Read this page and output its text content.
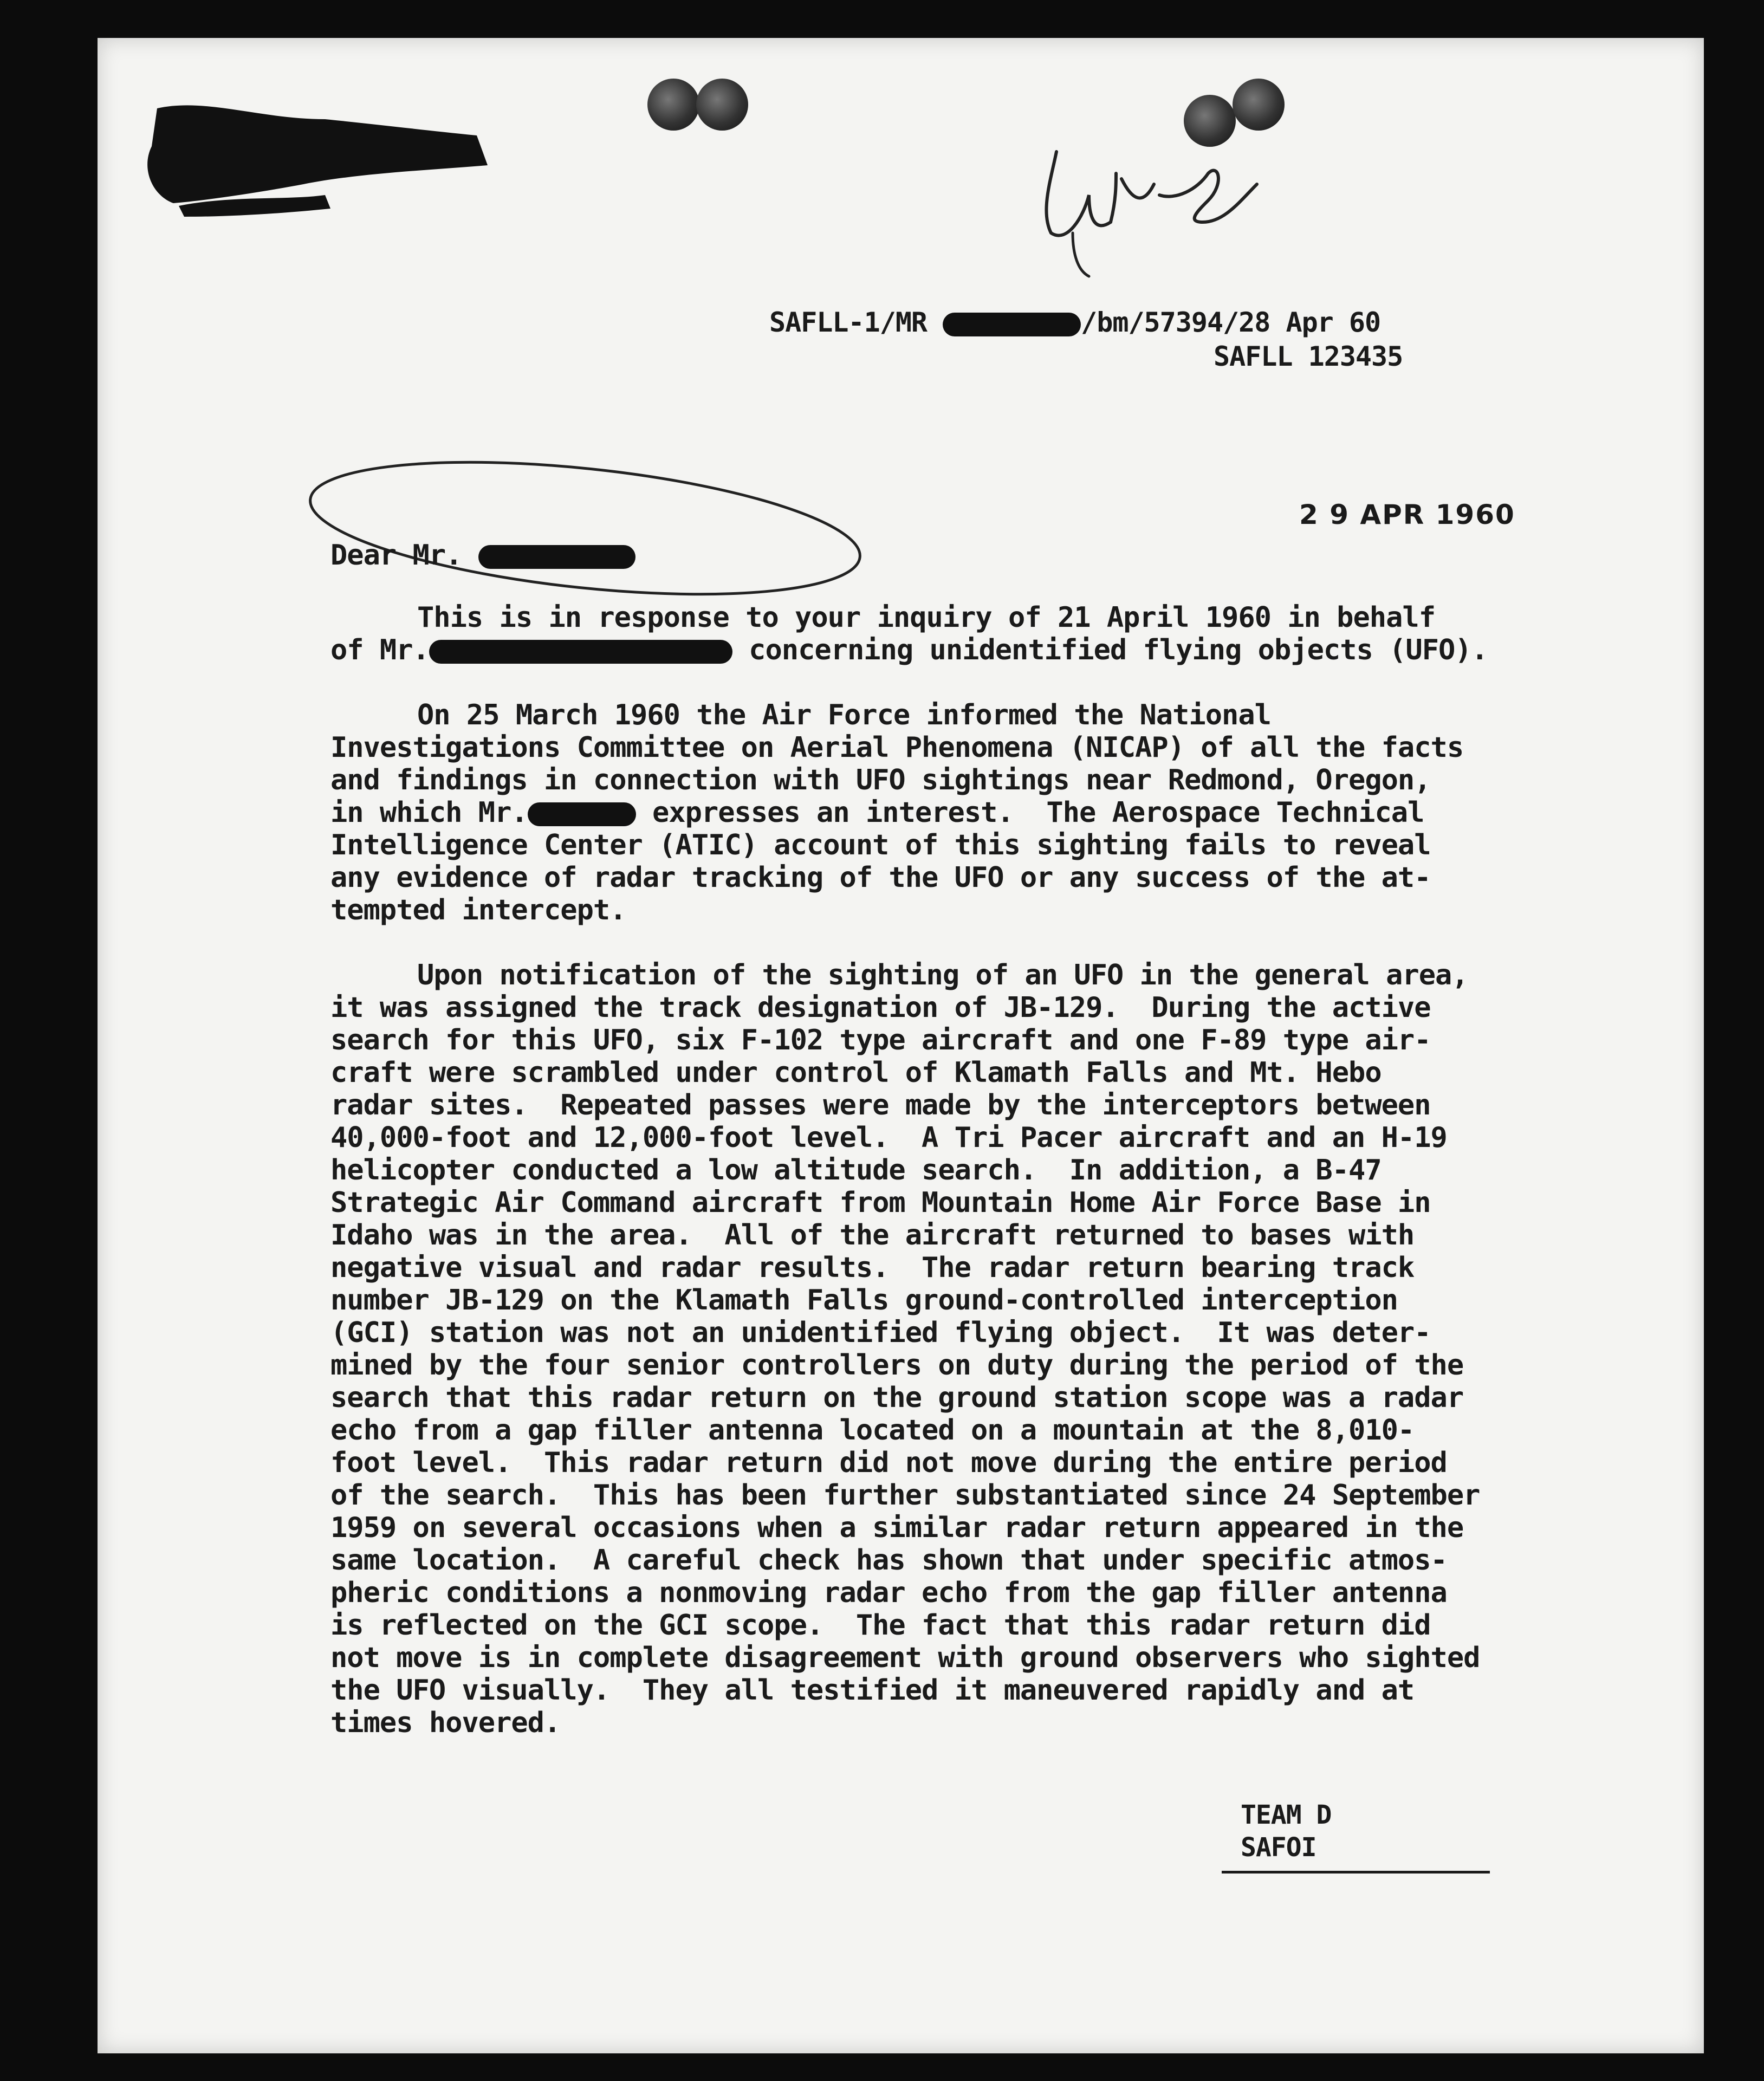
SAFLL-1/MR	/bm/57394/28 Apr 60
SAFLL 123435
2 9 APR 1960
Dear Mr.
This is in response to your inquiry of 21 April 1960 in behalf
of Mr.	concerning unidentified flying objects (UFO).
On 25 March 1960 the Air Force informed the National
Investigations Committee on Aerial Phenomena (NICAP) of all the facts
and findings in connection with UFO sightings near Redmond, Oregon,
in which Mr.	expresses an interest.  The Aerospace Technical
Intelligence Center (ATIC) account of this sighting fails to reveal
any evidence of radar tracking of the UFO or any success of the at-
tempted intercept.
Upon notification of the sighting of an UFO in the general area,
it was assigned the track designation of JB-129.  During the active
search for this UFO, six F-102 type aircraft and one F-89 type air-
craft were scrambled under control of Klamath Falls and Mt. Hebo
radar sites.  Repeated passes were made by the interceptors between
40,000-foot and 12,000-foot level.  A Tri Pacer aircraft and an H-19
helicopter conducted a low altitude search.  In addition, a B-47
Strategic Air Command aircraft from Mountain Home Air Force Base in
Idaho was in the area.  All of the aircraft returned to bases with
negative visual and radar results.  The radar return bearing track
number JB-129 on the Klamath Falls ground-controlled interception
(GCI) station was not an unidentified flying object.  It was deter-
mined by the four senior controllers on duty during the period of the
search that this radar return on the ground station scope was a radar
echo from a gap filler antenna located on a mountain at the 8,010-
foot level.  This radar return did not move during the entire period
of the search.  This has been further substantiated since 24 September
1959 on several occasions when a similar radar return appeared in the
same location.  A careful check has shown that under specific atmos-
pheric conditions a nonmoving radar echo from the gap filler antenna
is reflected on the GCI scope.  The fact that this radar return did
not move is in complete disagreement with ground observers who sighted
the UFO visually.  They all testified it maneuvered rapidly and at
times hovered.
TEAM D
SAFOI
